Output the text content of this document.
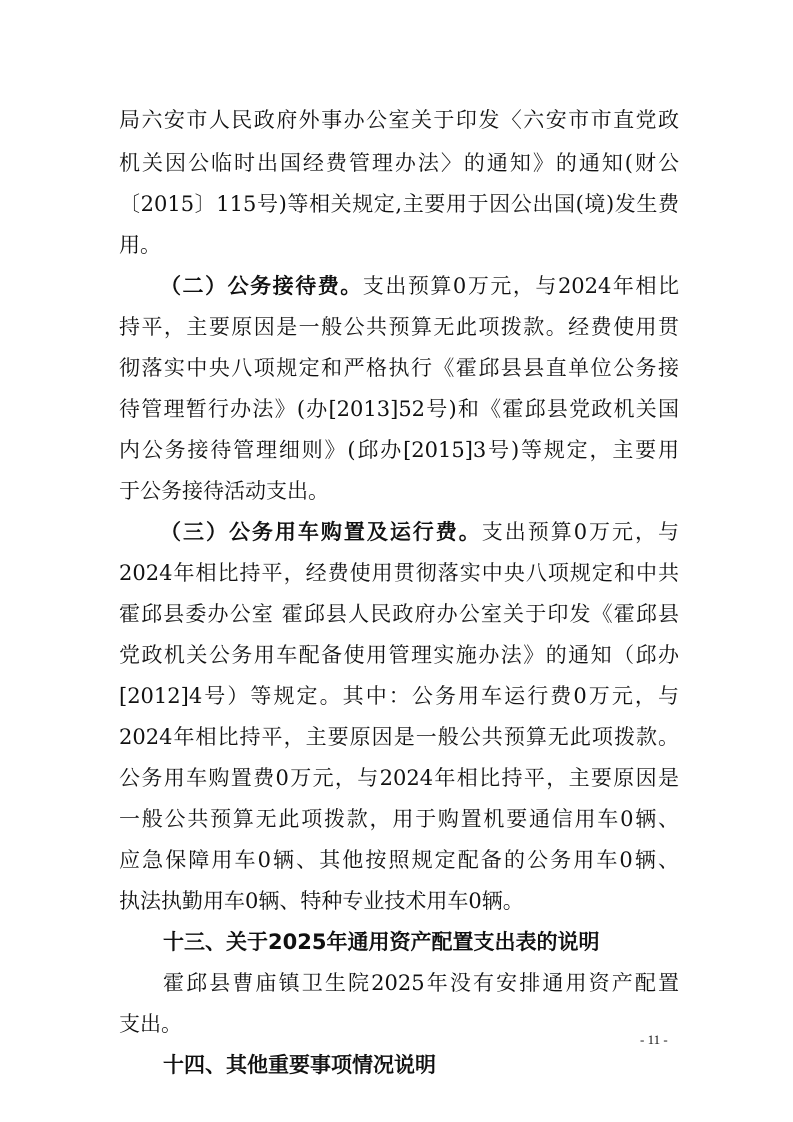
局六安市人民政府外事办公室关于印发〈六安市市直党政
机关因公临时出国经费管理办法〉的通知》的通知(财公
〔2015〕115号)等相关规定,主要用于因公出国(境)发生费
用。
（二）公务接待费。支出预算0万元，与2024年相比
持平，主要原因是一般公共预算无此项拨款。经费使用贯
彻落实中央八项规定和严格执行《霍邱县县直单位公务接
待管理暂行办法》(办[2013]52号)和《霍邱县党政机关国
内公务接待管理细则》(邱办[2015]3号)等规定，主要用
于公务接待活动支出。
（三）公务用车购置及运行费。支出预算0万元，与
2024年相比持平，经费使用贯彻落实中央八项规定和中共
霍邱县委办公室 霍邱县人民政府办公室关于印发《霍邱县
党政机关公务用车配备使用管理实施办法》的通知（邱办
[2012]4号）等规定。其中：公务用车运行费0万元，与
2024年相比持平，主要原因是一般公共预算无此项拨款。
公务用车购置费0万元，与2024年相比持平，主要原因是
一般公共预算无此项拨款，用于购置机要通信用车0辆、
应急保障用车0辆、其他按照规定配备的公务用车0辆、
执法执勤用车0辆、特种专业技术用车0辆。
十三、关于2025年通用资产配置支出表的说明
霍邱县曹庙镇卫生院2025年没有安排通用资产配置
支出。
十四、其他重要事项情况说明
- 11 -
